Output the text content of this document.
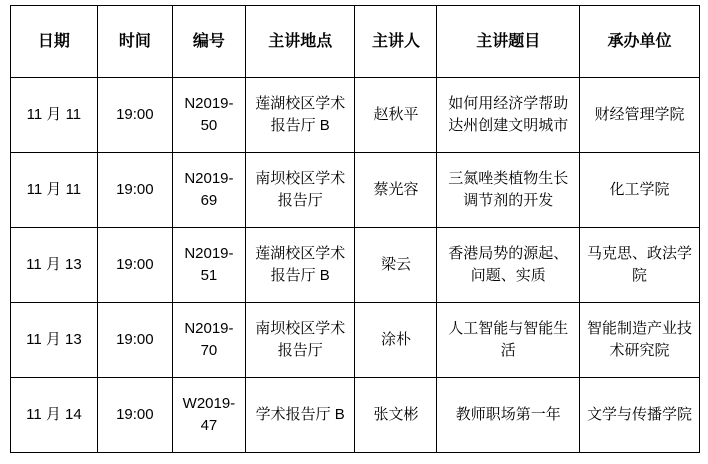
日期	时间	编号	主讲地点	主讲人	主讲题目	承办单位
11 月 11	19:00	N2019-50	莲湖校区学术报告厅 B	赵秋平	如何用经济学帮助达州创建文明城市	财经管理学院
11 月 11	19:00	N2019-69	南坝校区学术报告厅	蔡光容	三氮唑类植物生长调节剂的开发	化工学院
11 月 13	19:00	N2019-51	莲湖校区学术报告厅 B	梁云	香港局势的源起、问题、实质	马克思、政法学院
11 月 13	19:00	N2019-70	南坝校区学术报告厅	涂朴	人工智能与智能生活	智能制造产业技术研究院
11 月 14	19:00	W2019-47	学术报告厅 B	张文彬	教师职场第一年	文学与传播学院
